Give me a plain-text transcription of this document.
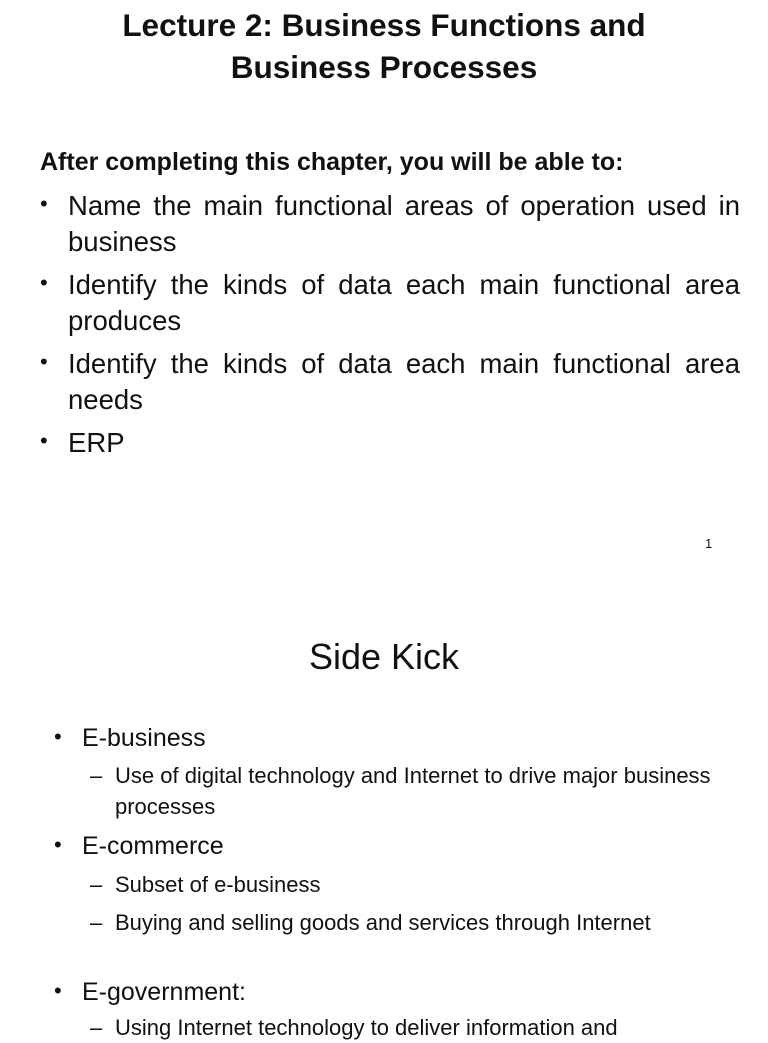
Lecture 2: Business Functions and
Business Processes
After completing this chapter, you will be able to:
• Name the main functional areas of operation used in business
• Identify the kinds of data each main functional area produces
• Identify the kinds of data each main functional area needs
• ERP
1
Side Kick
• E-business
– Use of digital technology and Internet to drive major business processes
• E-commerce
– Subset of e-business
– Buying and selling goods and services through Internet
• E-government:
– Using Internet technology to deliver information and
